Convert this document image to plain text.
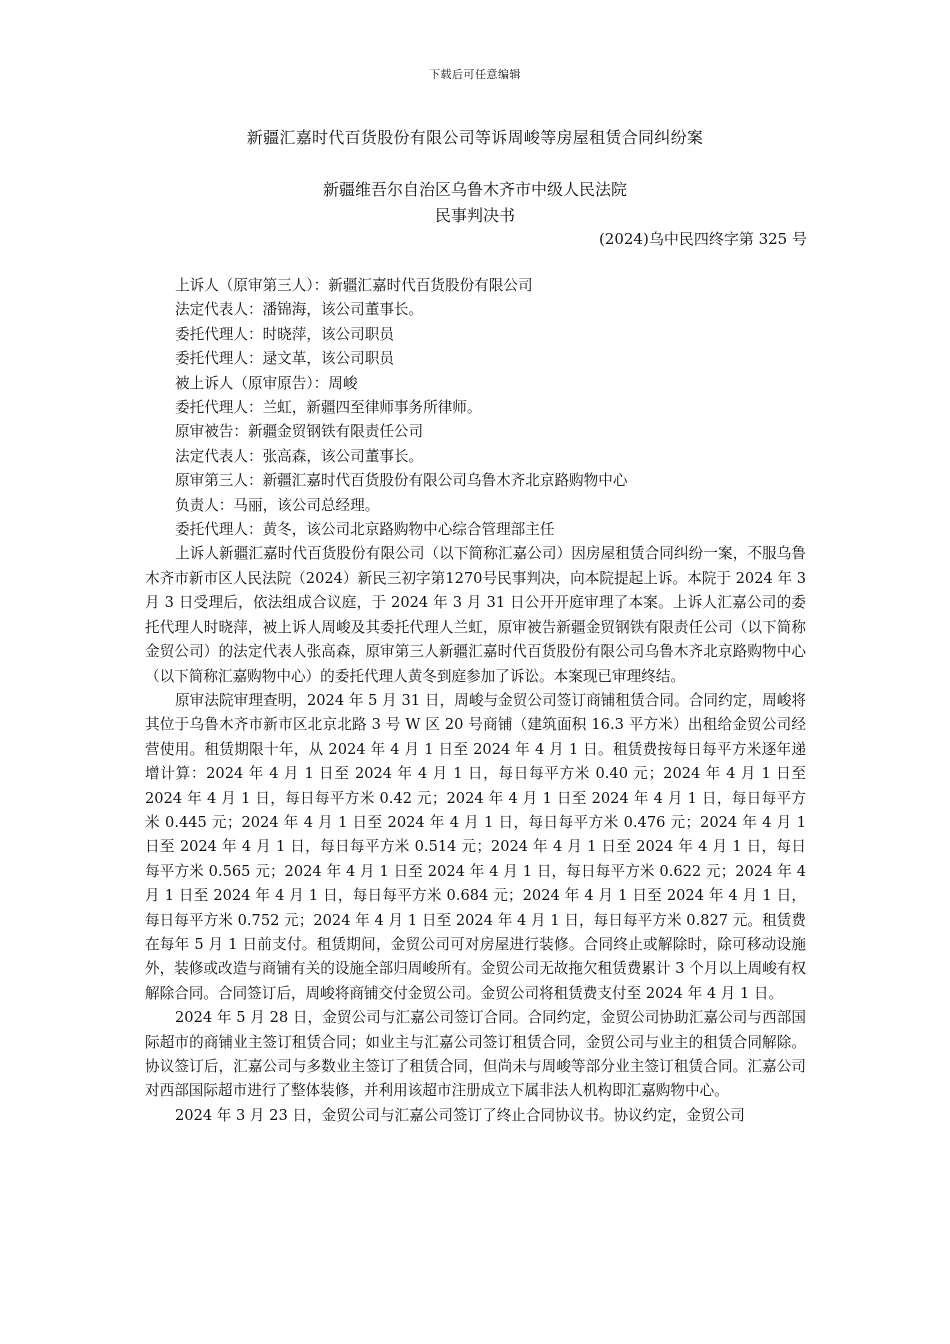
下载后可任意编辑
新疆汇嘉时代百货股份有限公司等诉周峻等房屋租赁合同纠纷案
新疆维吾尔自治区乌鲁木齐市中级人民法院
民事判决书
(2024)乌中民四终字第 325 号
上诉人（原审第三人）：新疆汇嘉时代百货股份有限公司
法定代表人：潘锦海，该公司董事长。
委托代理人：时晓萍，该公司职员
委托代理人：逯文革，该公司职员
被上诉人（原审原告）：周峻
委托代理人：兰虹，新疆四至律师事务所律师。
原审被告：新疆金贸钢铁有限责任公司
法定代表人：张高森，该公司董事长。
原审第三人：新疆汇嘉时代百货股份有限公司乌鲁木齐北京路购物中心
负责人：马丽，该公司总经理。
委托代理人：黄冬，该公司北京路购物中心综合管理部主任

上诉人新疆汇嘉时代百货股份有限公司（以下简称汇嘉公司）因房屋租赁合同纠纷一案，不服乌鲁木齐市新市区人民法院（2024）新民三初字第1270号民事判决，向本院提起上诉。本院于 2024 年 3 月 3 日受理后，依法组成合议庭，于 2024 年 3 月 31 日公开开庭审理了本案。上诉人汇嘉公司的委托代理人时晓萍，被上诉人周峻及其委托代理人兰虹，原审被告新疆金贸钢铁有限责任公司（以下简称金贸公司）的法定代表人张高森，原审第三人新疆汇嘉时代百货股份有限公司乌鲁木齐北京路购物中心（以下简称汇嘉购物中心）的委托代理人黄冬到庭参加了诉讼。本案现已审理终结。

原审法院审理查明，2024 年 5 月 31 日，周峻与金贸公司签订商铺租赁合同。合同约定，周峻将其位于乌鲁木齐市新市区北京北路 3 号 W 区 20 号商铺（建筑面积 16.3 平方米）出租给金贸公司经营使用。租赁期限十年，从 2024 年 4 月 1 日至 2024 年 4 月 1 日。租赁费按每日每平方米逐年递增计算：2024 年 4 月 1 日至 2024 年 4 月 1 日，每日每平方米 0.40 元；2024 年 4 月 1 日至 2024 年 4 月 1 日，每日每平方米 0.42 元；2024 年 4 月 1 日至 2024 年 4 月 1 日，每日每平方米 0.445 元；2024 年 4 月 1 日至 2024 年 4 月 1 日，每日每平方米 0.476 元；2024 年 4 月 1 日至 2024 年 4 月 1 日，每日每平方米 0.514 元；2024 年 4 月 1 日至 2024 年 4 月 1 日，每日每平方米 0.565 元；2024 年 4 月 1 日至 2024 年 4 月 1 日，每日每平方米 0.622 元；2024 年 4 月 1 日至 2024 年 4 月 1 日，每日每平方米 0.684 元；2024 年 4 月 1 日至 2024 年 4 月 1 日，每日每平方米 0.752 元；2024 年 4 月 1 日至 2024 年 4 月 1 日，每日每平方米 0.827 元。租赁费在每年 5 月 1 日前支付。租赁期间，金贸公司可对房屋进行装修。合同终止或解除时，除可移动设施外，装修或改造与商铺有关的设施全部归周峻所有。金贸公司无故拖欠租赁费累计 3 个月以上周峻有权解除合同。合同签订后，周峻将商铺交付金贸公司。金贸公司将租赁费支付至 2024 年 4 月 1 日。

2024 年 5 月 28 日，金贸公司与汇嘉公司签订合同。合同约定，金贸公司协助汇嘉公司与西部国际超市的商铺业主签订租赁合同；如业主与汇嘉公司签订租赁合同，金贸公司与业主的租赁合同解除。协议签订后，汇嘉公司与多数业主签订了租赁合同，但尚未与周峻等部分业主签订租赁合同。汇嘉公司对西部国际超市进行了整体装修，并利用该超市注册成立下属非法人机构即汇嘉购物中心。

2024 年 3 月 23 日，金贸公司与汇嘉公司签订了终止合同协议书。协议约定，金贸公司
